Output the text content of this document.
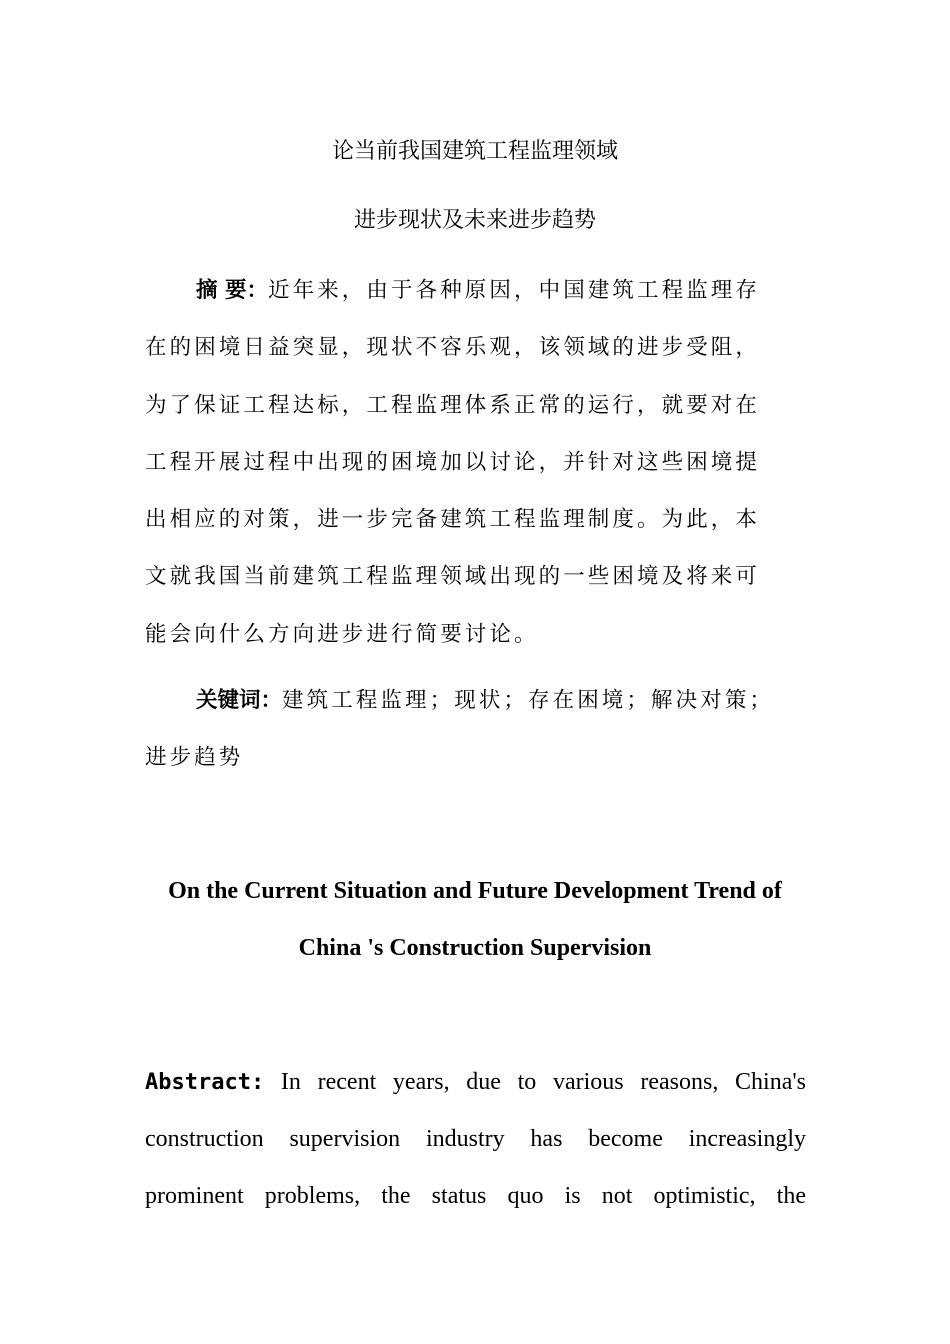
论当前我国建筑工程监理领域
进步现状及未来进步趋势

摘 要：近年来，由于各种原因，中国建筑工程监理存
在的困境日益突显，现状不容乐观，该领域的进步受阻，
为了保证工程达标，工程监理体系正常的运行，就要对在
工程开展过程中出现的困境加以讨论，并针对这些困境提
出相应的对策，进一步完备建筑工程监理制度。为此，本
文就我国当前建筑工程监理领域出现的一些困境及将来可
能会向什么方向进步进行简要讨论。

关键词：建筑工程监理；现状；存在困境；解决对策；
进步趋势

On the Current Situation and Future Development Trend of
China 's Construction Supervision

Abstract: In recent years, due to various reasons, China's
construction supervision industry has become increasingly
prominent problems, the status quo is not optimistic, the
